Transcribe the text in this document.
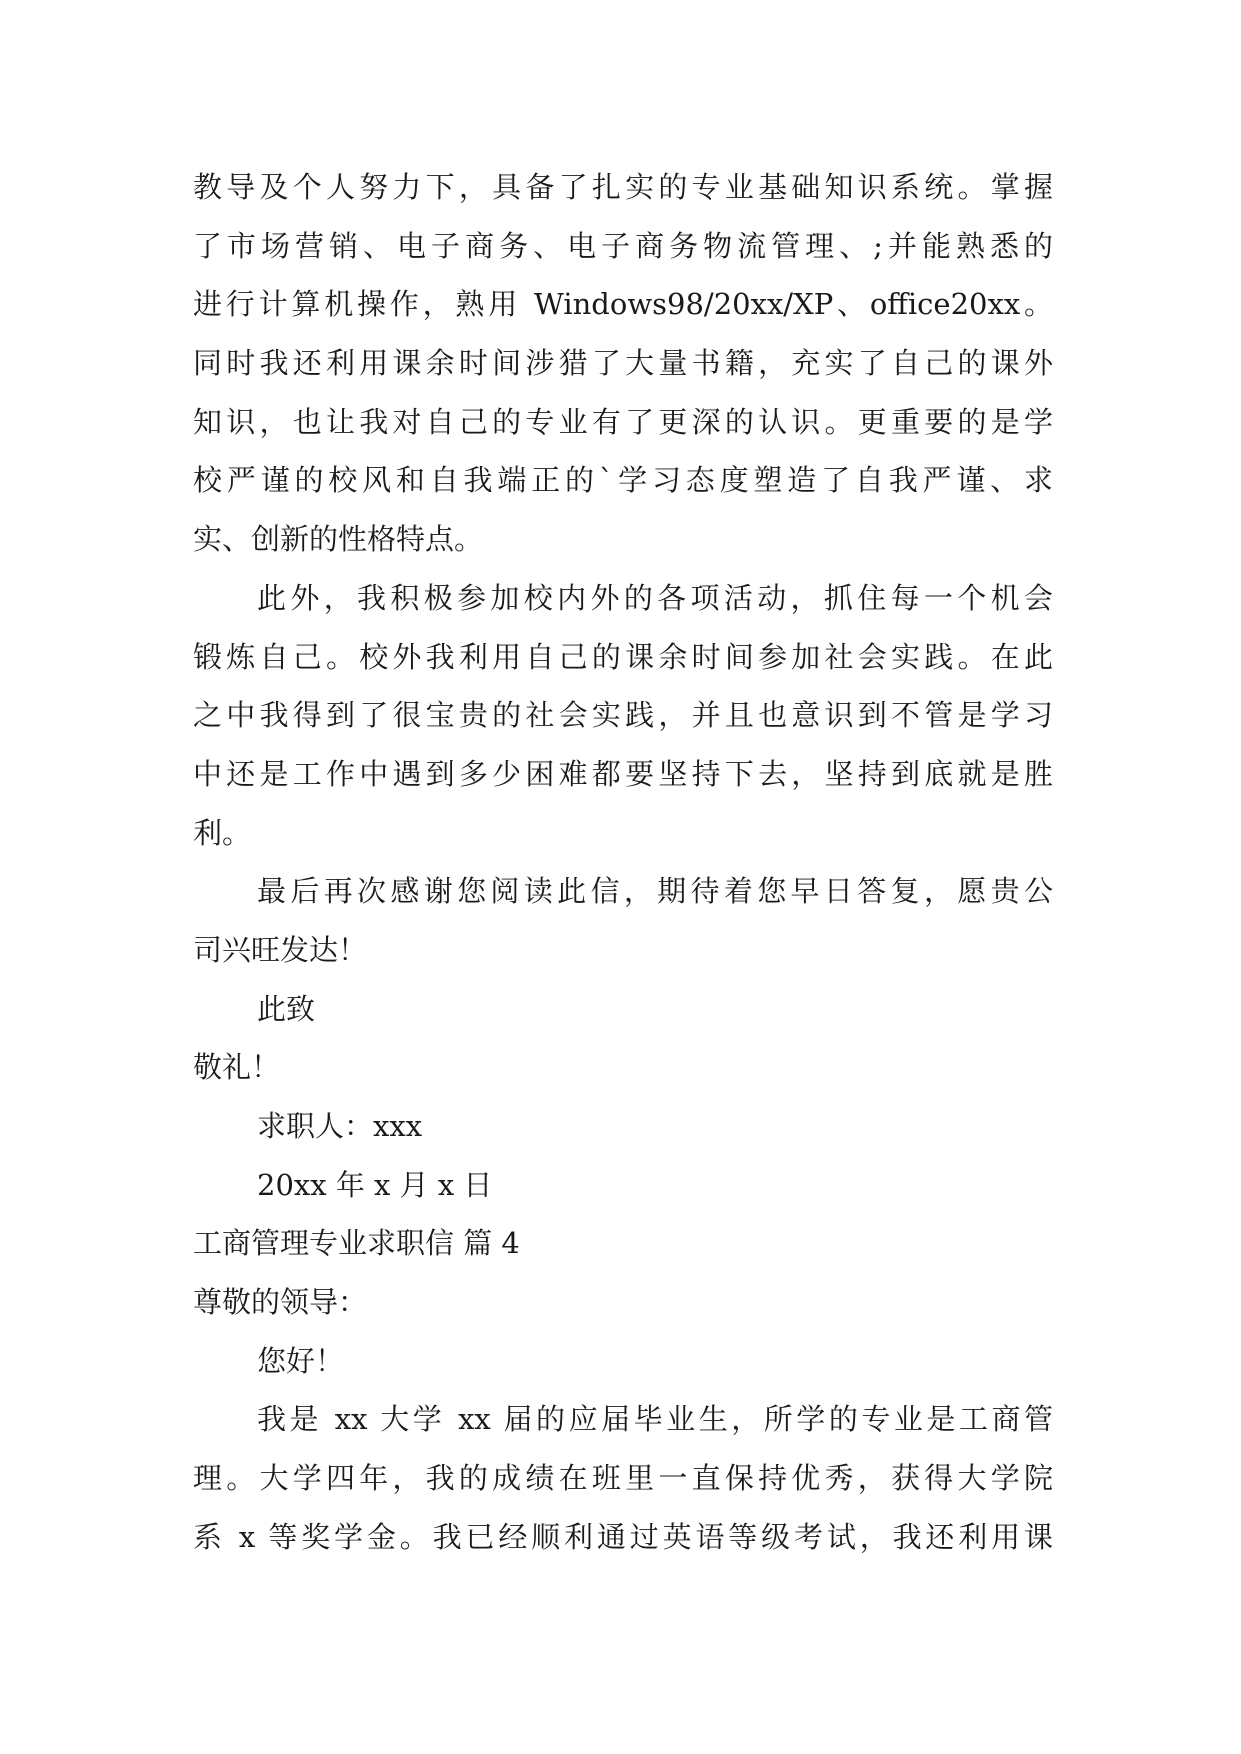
教导及个人努力下，具备了扎实的专业基础知识系统。掌握
了市场营销、电子商务、电子商务物流管理、;并能熟悉的
进行计算机操作，熟用 Windows98/20xx/XP、office20xx。
同时我还利用课余时间涉猎了大量书籍，充实了自己的课外
知识，也让我对自己的专业有了更深的认识。更重要的是学
校严谨的校风和自我端正的`学习态度塑造了自我严谨、求
实、创新的性格特点。
此外，我积极参加校内外的各项活动，抓住每一个机会
锻炼自己。校外我利用自己的课余时间参加社会实践。在此
之中我得到了很宝贵的社会实践，并且也意识到不管是学习
中还是工作中遇到多少困难都要坚持下去，坚持到底就是胜
利。
最后再次感谢您阅读此信，期待着您早日答复，愿贵公
司兴旺发达！
此致
敬礼！
求职人：xxx
20xx 年 x 月 x 日
工商管理专业求职信 篇 4
尊敬的领导：
您好！
我是 xx 大学 xx 届的应届毕业生，所学的专业是工商管
理。大学四年，我的成绩在班里一直保持优秀，获得大学院
系 x 等奖学金。我已经顺利通过英语等级考试，我还利用课
